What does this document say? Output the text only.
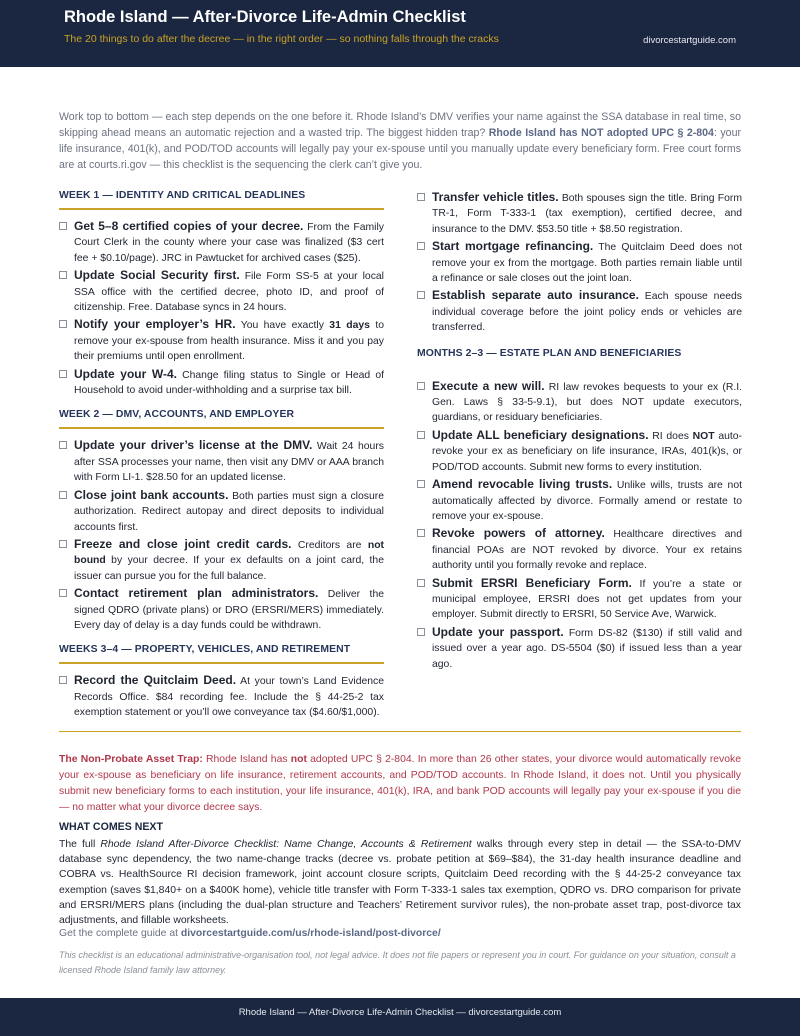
Rhode Island — After-Divorce Life-Admin Checklist
The 20 things to do after the decree — in the right order — so nothing falls through the cracks	divorcestartguide.com
Work top to bottom — each step depends on the one before it. Rhode Island’s DMV verifies your name against the SSA database in real time, so skipping ahead means an automatic rejection and a wasted trip. The biggest hidden trap? Rhode Island has NOT adopted UPC § 2-804: your life insurance, 401(k), and POD/TOD accounts will legally pay your ex-spouse until you manually update every beneficiary form. Free court forms are at courts.ri.gov — this checklist is the sequencing the clerk can’t give you.
WEEK 1 — IDENTITY AND CRITICAL DEADLINES
Get 5–8 certified copies of your decree. From the Family Court Clerk in the county where your case was finalized ($3 cert fee + $0.10/page). JRC in Pawtucket for archived cases ($25).
Update Social Security first. File Form SS-5 at your local SSA office with the certified decree, photo ID, and proof of citizenship. Free. Database syncs in 24 hours.
Notify your employer’s HR. You have exactly 31 days to remove your ex-spouse from health insurance. Miss it and you pay their premiums until open enrollment.
Update your W-4. Change filing status to Single or Head of Household to avoid under-withholding and a surprise tax bill.
WEEK 2 — DMV, ACCOUNTS, AND EMPLOYER
Update your driver’s license at the DMV. Wait 24 hours after SSA processes your name, then visit any DMV or AAA branch with Form LI-1. $28.50 for an updated license.
Close joint bank accounts. Both parties must sign a closure authorization. Redirect autopay and direct deposits to individual accounts first.
Freeze and close joint credit cards. Creditors are not bound by your decree. If your ex defaults on a joint card, the issuer can pursue you for the full balance.
Contact retirement plan administrators. Deliver the signed QDRO (private plans) or DRO (ERSRI/MERS) immediately. Every day of delay is a day funds could be withdrawn.
WEEKS 3–4 — PROPERTY, VEHICLES, AND RETIREMENT
Record the Quitclaim Deed. At your town’s Land Evidence Records Office. $84 recording fee. Include the § 44-25-2 tax exemption statement or you’ll owe conveyance tax ($4.60/$1,000).
Transfer vehicle titles. Both spouses sign the title. Bring Form TR-1, Form T-333-1 (tax exemption), certified decree, and insurance to the DMV. $53.50 title + $8.50 registration.
Start mortgage refinancing. The Quitclaim Deed does not remove your ex from the mortgage. Both parties remain liable until a refinance or sale closes out the joint loan.
Establish separate auto insurance. Each spouse needs individual coverage before the joint policy ends or vehicles are transferred.
MONTHS 2–3 — ESTATE PLAN AND BENEFICIARIES
Execute a new will. RI law revokes bequests to your ex (R.I. Gen. Laws § 33-5-9.1), but does NOT update executors, guardians, or residuary beneficiaries.
Update ALL beneficiary designations. RI does NOT auto-revoke your ex as beneficiary on life insurance, IRAs, 401(k)s, or POD/TOD accounts. Submit new forms to every institution.
Amend revocable living trusts. Unlike wills, trusts are not automatically affected by divorce. Formally amend or restate to remove your ex-spouse.
Revoke powers of attorney. Healthcare directives and financial POAs are NOT revoked by divorce. Your ex retains authority until you formally revoke and replace.
Submit ERSRI Beneficiary Form. If you’re a state or municipal employee, ERSRI does not get updates from your employer. Submit directly to ERSRI, 50 Service Ave, Warwick.
Update your passport. Form DS-82 ($130) if still valid and issued over a year ago. DS-5504 ($0) if issued less than a year ago.
The Non-Probate Asset Trap: Rhode Island has not adopted UPC § 2-804. In more than 26 other states, your divorce would automatically revoke your ex-spouse as beneficiary on life insurance, retirement accounts, and POD/TOD accounts. In Rhode Island, it does not. Until you physically submit new beneficiary forms to each institution, your life insurance, 401(k), IRA, and bank POD accounts will legally pay your ex-spouse if you die — no matter what your divorce decree says.
WHAT COMES NEXT
The full Rhode Island After-Divorce Checklist: Name Change, Accounts & Retirement walks through every step in detail — the SSA-to-DMV database sync dependency, the two name-change tracks (decree vs. probate petition at $69–$84), the 31-day health insurance deadline and COBRA vs. HealthSource RI decision framework, joint account closure scripts, Quitclaim Deed recording with the § 44-25-2 conveyance tax exemption (saves $1,840+ on a $400K home), vehicle title transfer with Form T-333-1 sales tax exemption, QDRO vs. DRO comparison for private and ERSRI/MERS plans (including the dual-plan structure and Teachers’ Retirement survivor rules), the non-probate asset trap, post-divorce tax adjustments, and fillable worksheets.
Get the complete guide at divorcestartguide.com/us/rhode-island/post-divorce/
This checklist is an educational administrative-organisation tool, not legal advice. It does not file papers or represent you in court. For guidance on your situation, consult a licensed Rhode Island family law attorney.
Rhode Island — After-Divorce Life-Admin Checklist — divorcestartguide.com
